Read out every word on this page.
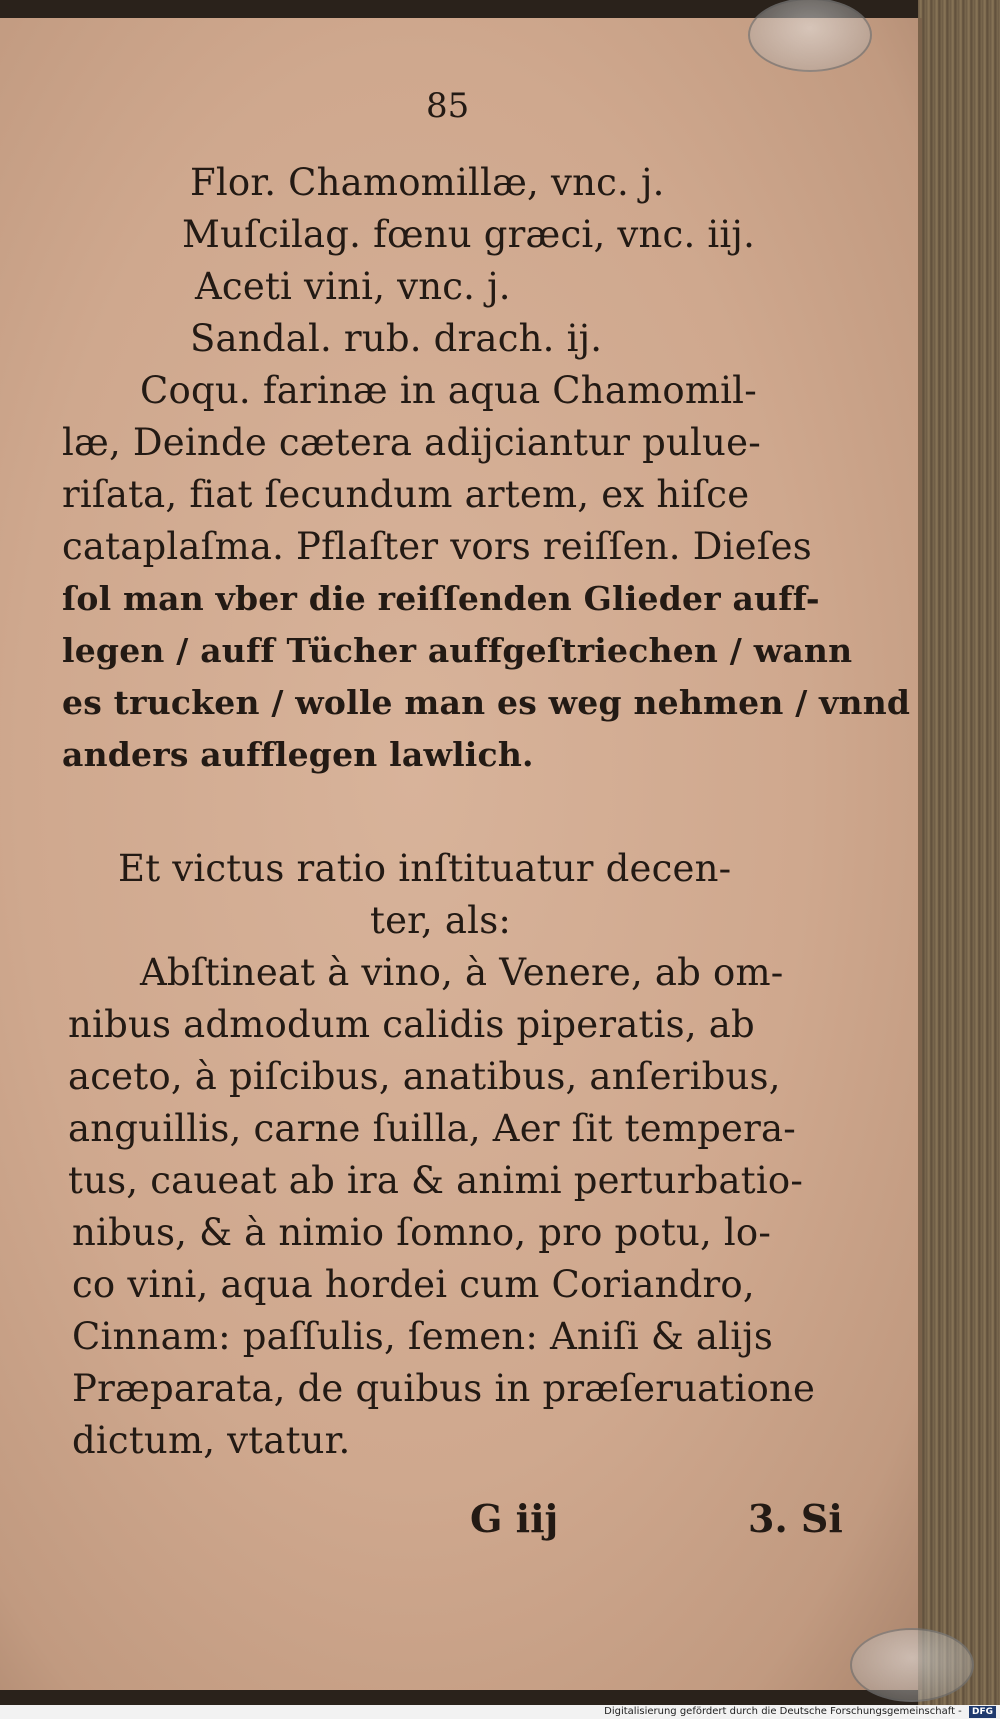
85
Flor. Chamomillæ, vnc. j.
Muſcilag. fœnu græci, vnc. iij.
Aceti vini, vnc. j.
Sandal. rub. drach. ij.
Coqu. farinæ in aqua Chamomil-
læ, Deinde cætera adijciantur pulue-
riſata, fiat ſecundum artem, ex hiſce
cataplaſma. Pflaſter vors reiſſen. Dieſes
ſol man vber die reiſſenden Glieder auff-
legen / auff Tücher auffgeſtriechen / wann
es trucken / wolle man es weg nehmen / vnnd
anders aufflegen lawlich.
Et victus ratio inſtituatur decen-
ter, als:
Abſtineat à vino, à Venere, ab om-
nibus admodum calidis piperatis, ab
aceto, à piſcibus, anatibus, anſeribus,
anguillis, carne ſuilla, Aer ſit tempera-
tus, caueat ab ira & animi perturbatio-
nibus, & à nimio ſomno, pro potu, lo-
co vini, aqua hordei cum Coriandro,
Cinnam: paſſulis, ſemen: Aniſi & alijs
Præparata, de quibus in præſeruatione
dictum, vtatur.
G iij	3. Si
Digitalisierung gefördert durch die Deutsche Forschungsgemeinschaft - DFG
